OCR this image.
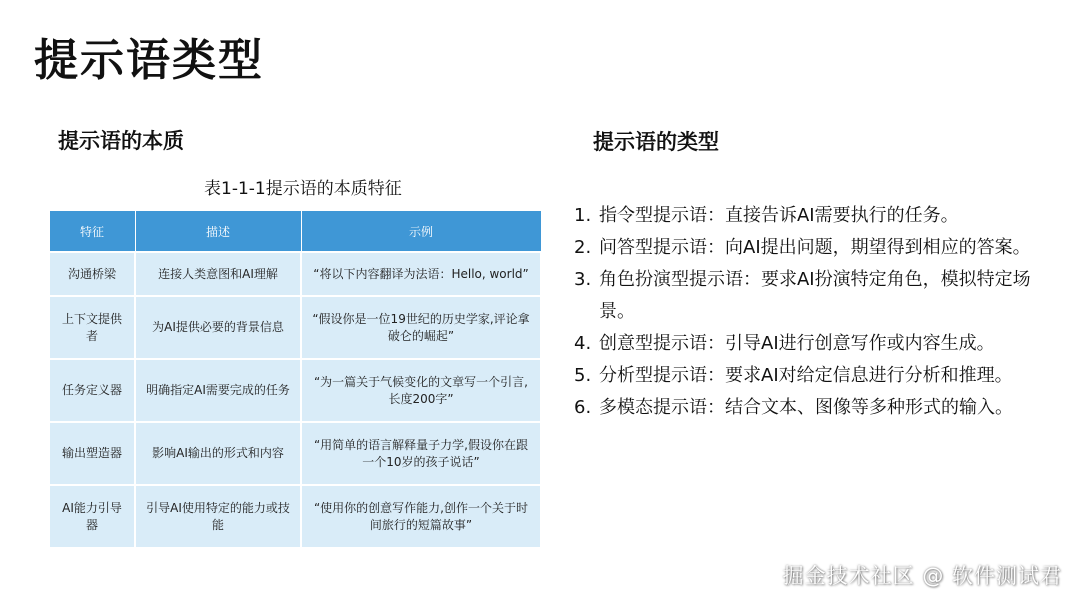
提示语类型
提示语的本质
表1-1-1提示语的本质特征
特征	描述	示例
沟通桥梁	连接人类意图和AI理解	“将以下内容翻译为法语：Hello, world”
上下文提供者	为AI提供必要的背景信息	“假设你是一位19世纪的历史学家,评论拿破仑的崛起”
任务定义器	明确指定AI需要完成的任务	“为一篇关于气候变化的文章写一个引言,长度200字”
输出塑造器	影响AI输出的形式和内容	“用简单的语言解释量子力学,假设你在跟一个10岁的孩子说话”
AI能力引导器	引导AI使用特定的能力或技能	“使用你的创意写作能力,创作一个关于时间旅行的短篇故事”
提示语的类型
1. 指令型提示语：直接告诉AI需要执行的任务。
2. 问答型提示语：向AI提出问题，期望得到相应的答案。
3. 角色扮演型提示语：要求AI扮演特定角色，模拟特定场景。
4. 创意型提示语：引导AI进行创意写作或内容生成。
5. 分析型提示语：要求AI对给定信息进行分析和推理。
6. 多模态提示语：结合文本、图像等多种形式的输入。
掘金技术社区 @ 软件测试君
